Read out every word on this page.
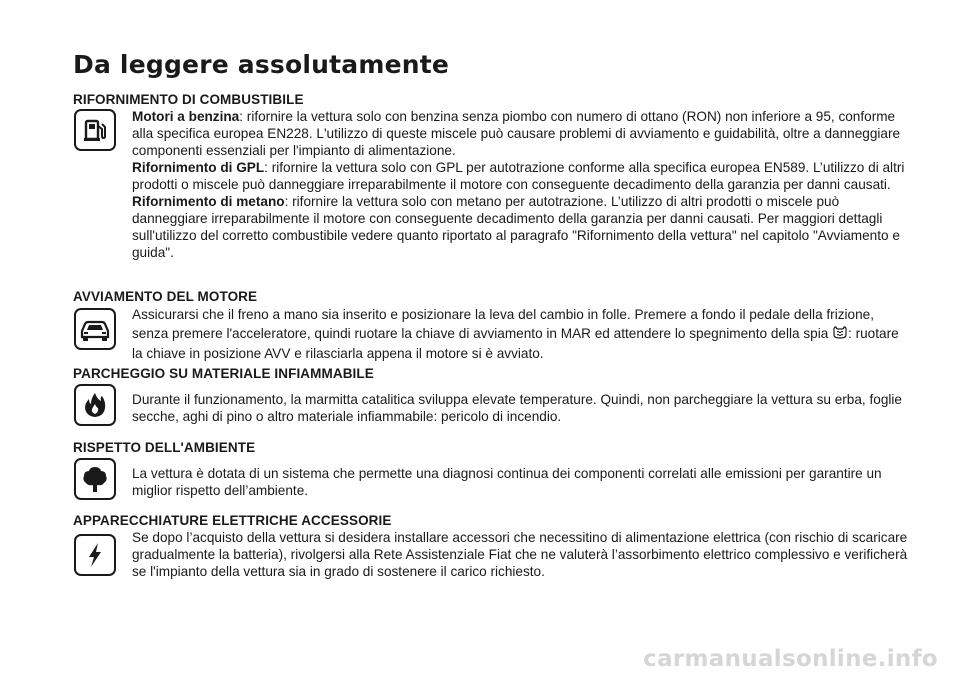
Da leggere assolutamente
RIFORNIMENTO DI COMBUSTIBILE

Motori a benzina: rifornire la vettura solo con benzina senza piombo con numero di ottano (RON) non inferiore a 95, conforme alla specifica europea EN228. L'utilizzo di queste miscele può causare problemi di avviamento e guidabilità, oltre a danneggiare componenti essenziali per l'impianto di alimentazione.

Rifornimento di GPL: rifornire la vettura solo con GPL per autotrazione conforme alla specifica europea EN589. L’utilizzo di altri prodotti o miscele può danneggiare irreparabilmente il motore con conseguente decadimento della garanzia per danni causati.

Rifornimento di metano: rifornire la vettura solo con metano per autotrazione. L’utilizzo di altri prodotti o miscele può danneggiare irreparabilmente il motore con conseguente decadimento della garanzia per danni causati. Per maggiori dettagli sull'utilizzo del corretto combustibile vedere quanto riportato al paragrafo "Rifornimento della vettura" nel capitolo "Avviamento e guida".

AVVIAMENTO DEL MOTORE

Assicurarsi che il freno a mano sia inserito e posizionare la leva del cambio in folle. Premere a fondo il pedale della frizione, senza premere l'acceleratore, quindi ruotare la chiave di avviamento in MAR ed attendere lo spegnimento della spia : ruotare la chiave in posizione AVV e rilasciarla appena il motore si è avviato.

PARCHEGGIO SU MATERIALE INFIAMMABILE

Durante il funzionamento, la marmitta catalitica sviluppa elevate temperature. Quindi, non parcheggiare la vettura su erba, foglie secche, aghi di pino o altro materiale infiammabile: pericolo di incendio.

RISPETTO DELL'AMBIENTE

La vettura è dotata di un sistema che permette una diagnosi continua dei componenti correlati alle emissioni per garantire un miglior rispetto dell’ambiente.

APPARECCHIATURE ELETTRICHE ACCESSORIE

Se dopo l’acquisto della vettura si desidera installare accessori che necessitino di alimentazione elettrica (con rischio di scaricare gradualmente la batteria), rivolgersi alla Rete Assistenziale Fiat che ne valuterà l’assorbimento elettrico complessivo e verificherà se l'impianto della vettura sia in grado di sostenere il carico richiesto.

carmanualsonline.info
